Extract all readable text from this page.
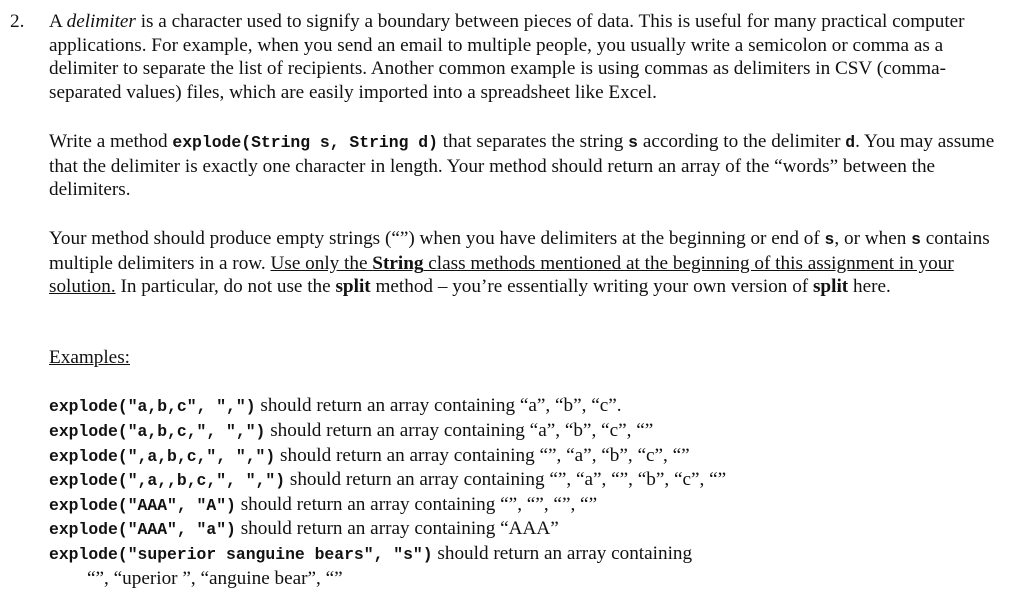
2. A delimiter is a character used to signify a boundary between pieces of data. This is useful for many practical computer applications. For example, when you send an email to multiple people, you usually write a semicolon or comma as a delimiter to separate the list of recipients. Another common example is using commas as delimiters in CSV (comma-separated values) files, which are easily imported into a spreadsheet like Excel.

Write a method explode(String s, String d) that separates the string s according to the delimiter d. You may assume that the delimiter is exactly one character in length. Your method should return an array of the “words” between the delimiters.

Your method should produce empty strings (“”) when you have delimiters at the beginning or end of s, or when s contains multiple delimiters in a row. Use only the String class methods mentioned at the beginning of this assignment in your solution. In particular, do not use the split method – you’re essentially writing your own version of split here.

Examples:
explode("a,b,c", ",") should return an array containing “a”, “b”, “c”.
explode("a,b,c,", ",") should return an array containing “a”, “b”, “c”, “”
explode(",a,b,c,", ",") should return an array containing “”, “a”, “b”, “c”, “”
explode(",a,,b,c,", ",") should return an array containing “”, “a”, “”, “b”, “c”, “”
explode("AAA", "A") should return an array containing “”, “”, “”, “”
explode("AAA", "a") should return an array containing “AAA”
explode("superior sanguine bears", "s") should return an array containing
“”, “uperior ”, “anguine bear”, “”
